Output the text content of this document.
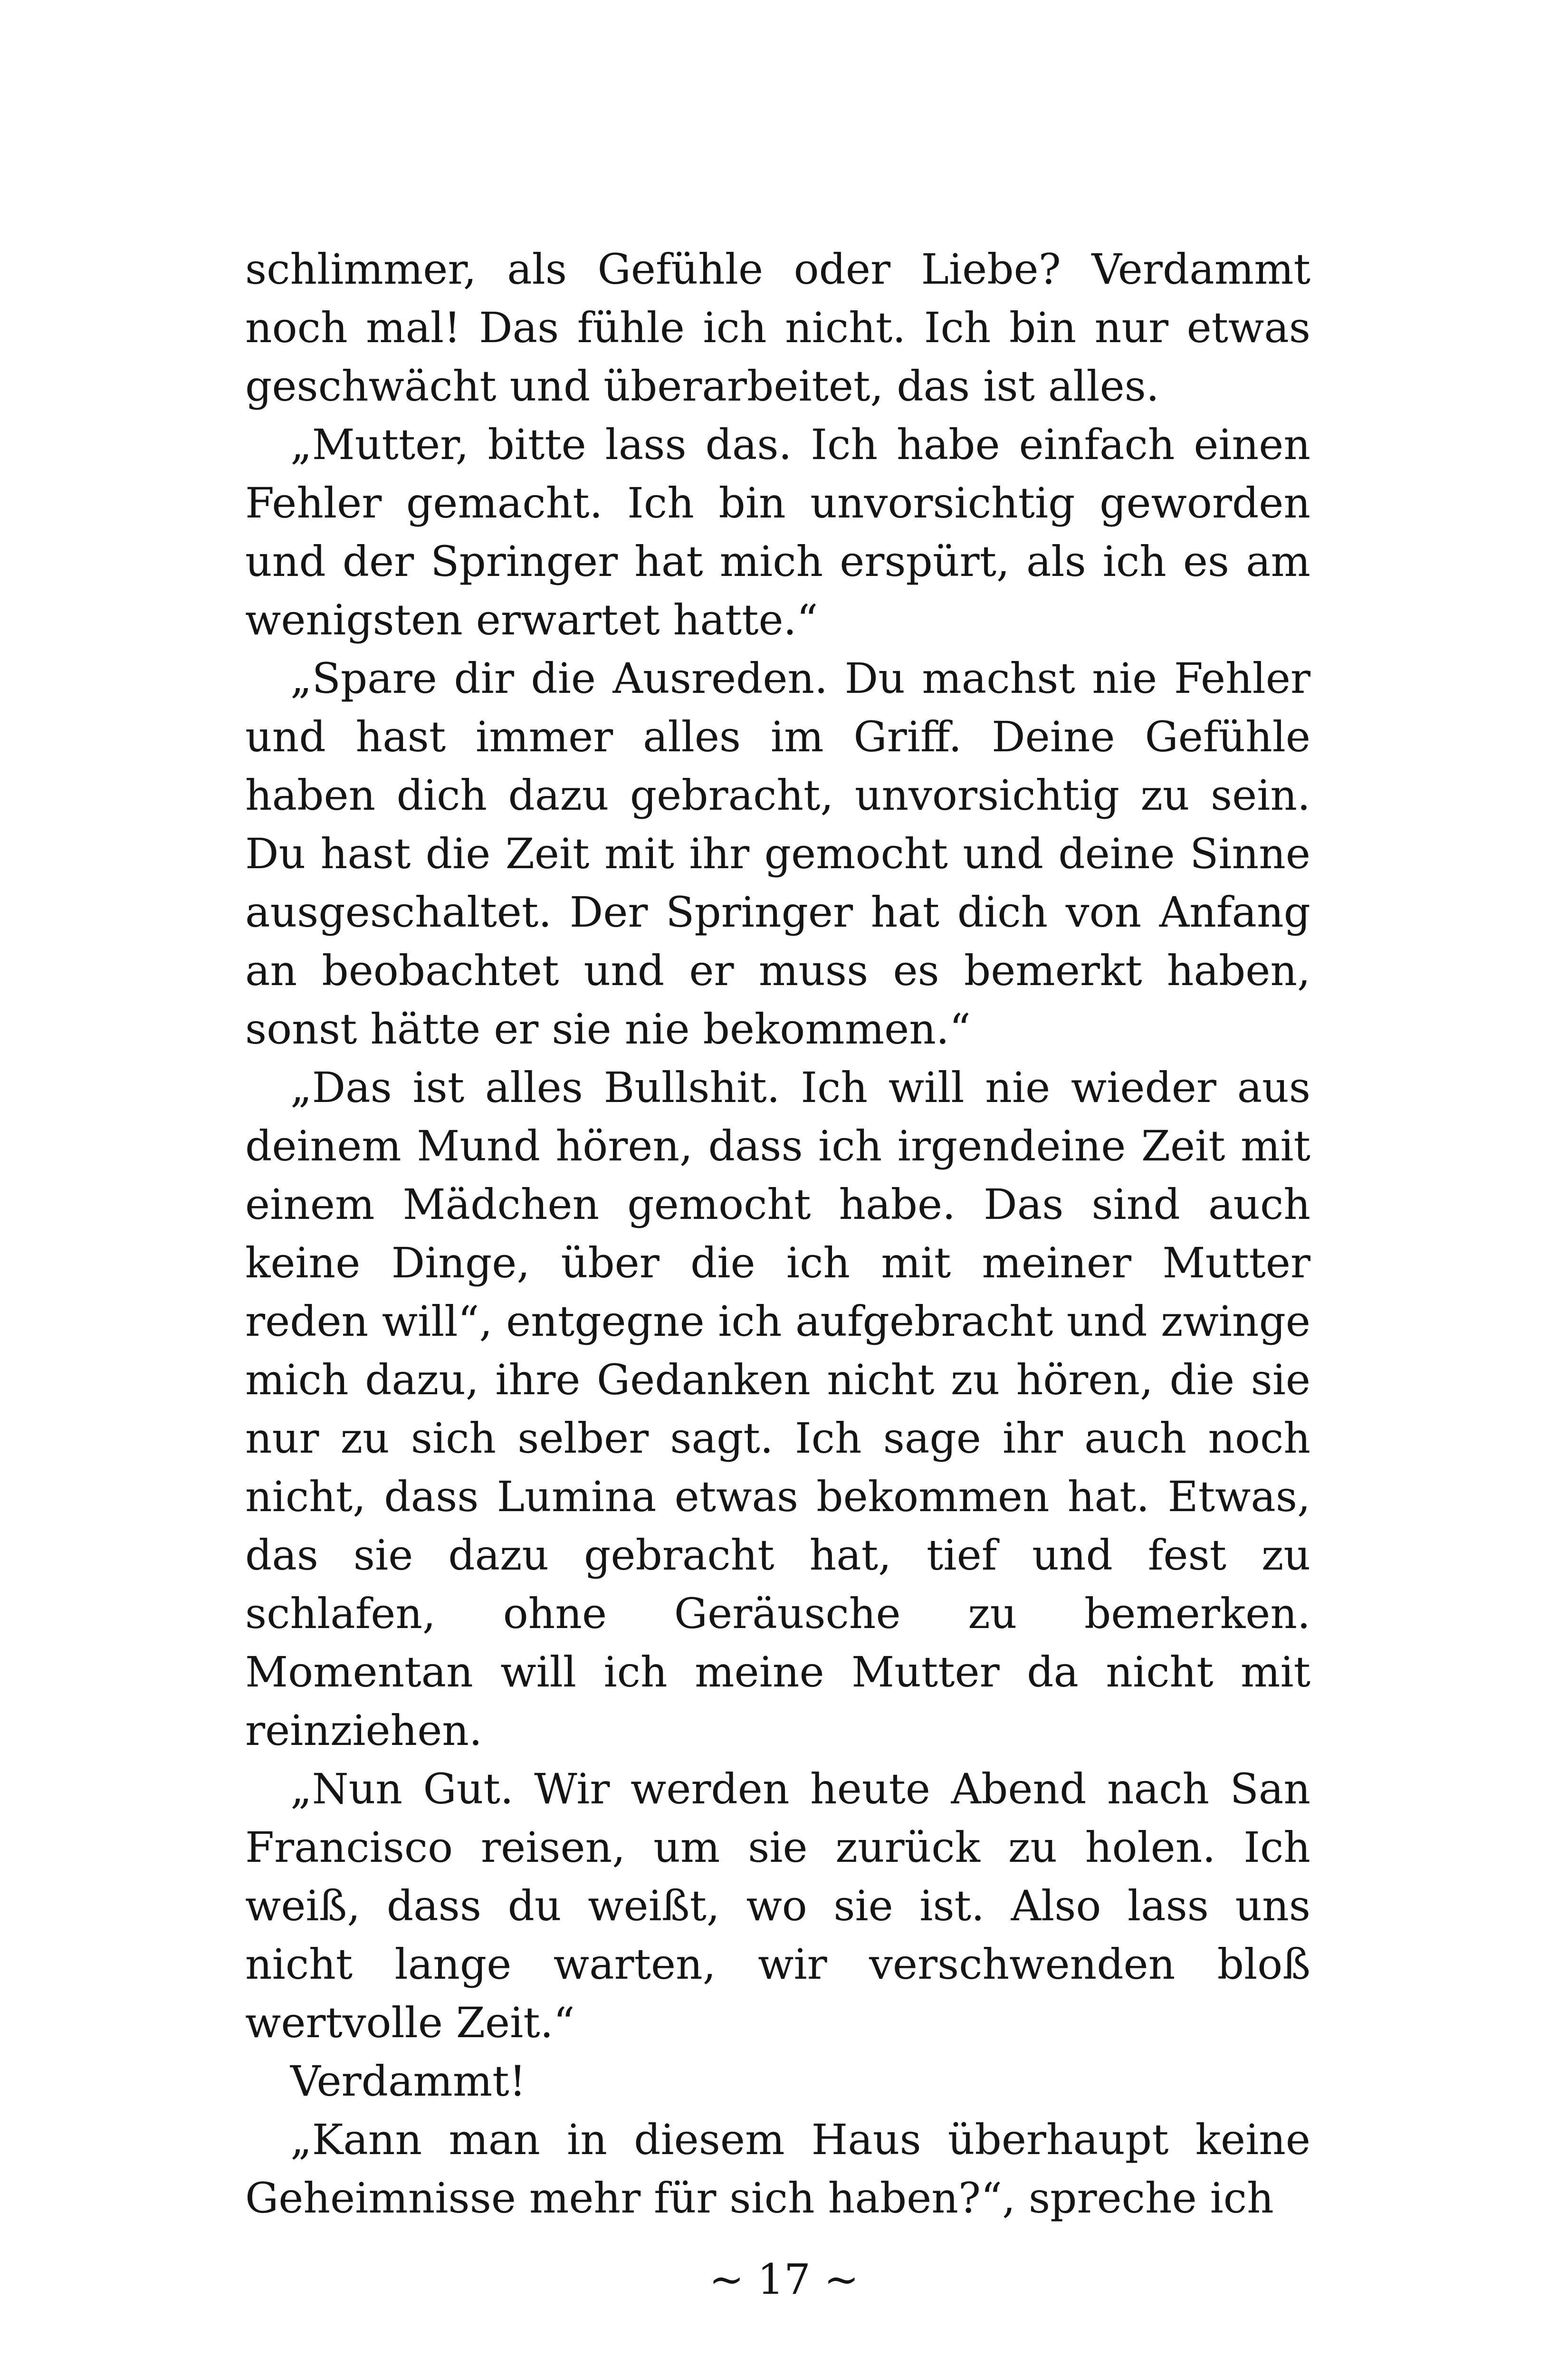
schlimmer, als Gefühle oder Liebe? Verdammt noch mal! Das fühle ich nicht. Ich bin nur etwas geschwächt und überarbeitet, das ist alles.

„Mutter, bitte lass das. Ich habe einfach einen Fehler gemacht. Ich bin unvorsichtig geworden und der Springer hat mich erspürt, als ich es am wenigsten erwartet hatte.“

„Spare dir die Ausreden. Du machst nie Fehler und hast immer alles im Griff. Deine Gefühle haben dich dazu gebracht, unvorsichtig zu sein. Du hast die Zeit mit ihr gemocht und deine Sinne ausgeschaltet. Der Springer hat dich von Anfang an beobachtet und er muss es bemerkt haben, sonst hätte er sie nie bekommen.“

„Das ist alles Bullshit. Ich will nie wieder aus deinem Mund hören, dass ich irgendeine Zeit mit einem Mädchen gemocht habe. Das sind auch keine Dinge, über die ich mit meiner Mutter reden will“, entgegne ich aufgebracht und zwinge mich dazu, ihre Gedanken nicht zu hören, die sie nur zu sich selber sagt. Ich sage ihr auch noch nicht, dass Lumina etwas bekommen hat. Etwas, das sie dazu gebracht hat, tief und fest zu schlafen, ohne Geräusche zu bemerken. Momentan will ich meine Mutter da nicht mit reinziehen.

„Nun Gut. Wir werden heute Abend nach San Francisco reisen, um sie zurück zu holen. Ich weiß, dass du weißt, wo sie ist. Also lass uns nicht lange warten, wir verschwenden bloß wertvolle Zeit.“

Verdammt!

„Kann man in diesem Haus überhaupt keine Geheimnisse mehr für sich haben?“, spreche ich

~ 17 ~
